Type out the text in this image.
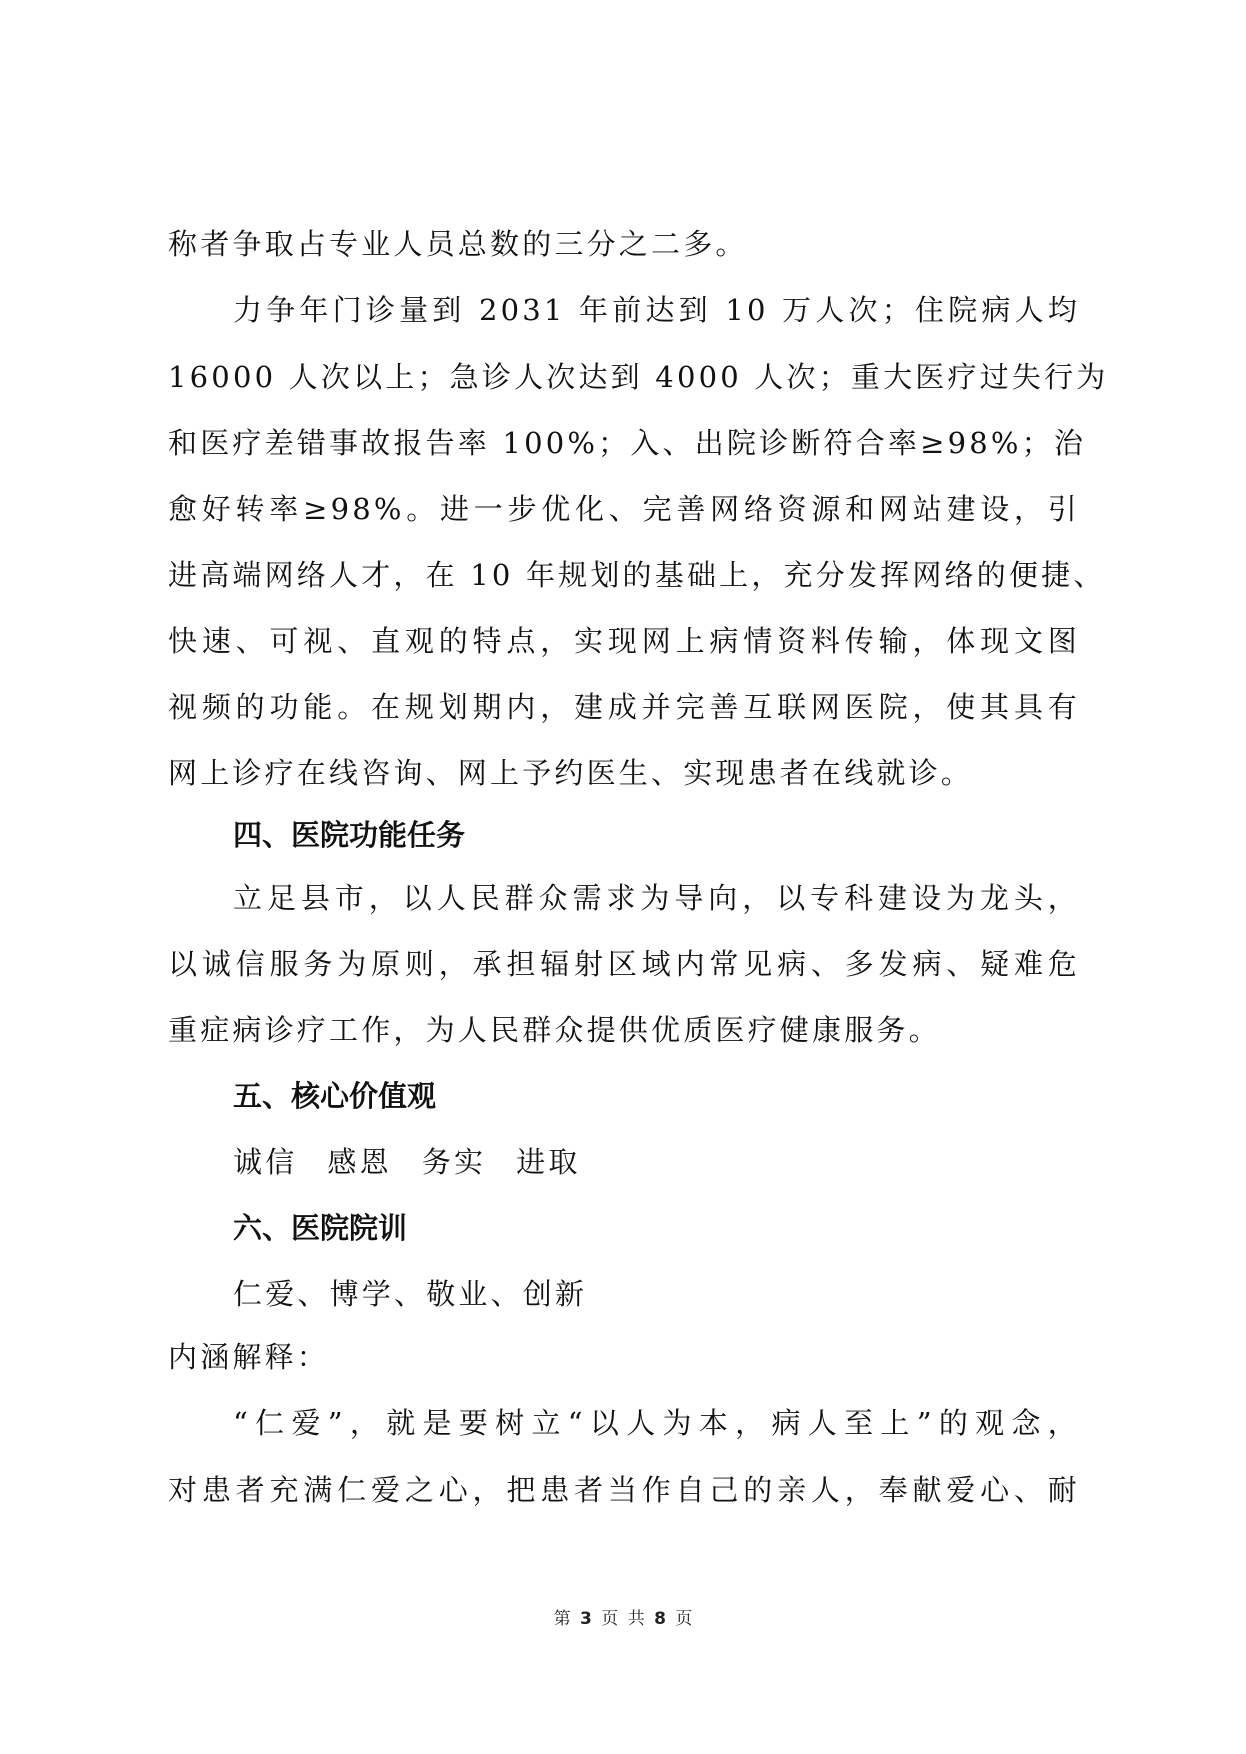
称者争取占专业人员总数的三分之二多。
力争年门诊量到 2031 年前达到 10 万人次；住院病人均
16000 人次以上；急诊人次达到 4000 人次；重大医疗过失行为
和医疗差错事故报告率 100%；入、出院诊断符合率≥98%；治
愈好转率≥98%。进一步优化、完善网络资源和网站建设，引
进高端网络人才，在 10 年规划的基础上，充分发挥网络的便捷、
快速、可视、直观的特点，实现网上病情资料传输，体现文图
视频的功能。在规划期内，建成并完善互联网医院，使其具有
网上诊疗在线咨询、网上予约医生、实现患者在线就诊。
四、医院功能任务
立足县市，以人民群众需求为导向，以专科建设为龙头，
以诚信服务为原则，承担辐射区域内常见病、多发病、疑难危
重症病诊疗工作，为人民群众提供优质医疗健康服务。
五、核心价值观
诚信 感恩 务实 进取
六、医院院训
仁爱、博学、敬业、创新
内涵解释：
“仁爱”，就是要树立“以人为本，病人至上”的观念，
对患者充满仁爱之心，把患者当作自己的亲人，奉献爱心、耐
第 3 页 共 8 页
